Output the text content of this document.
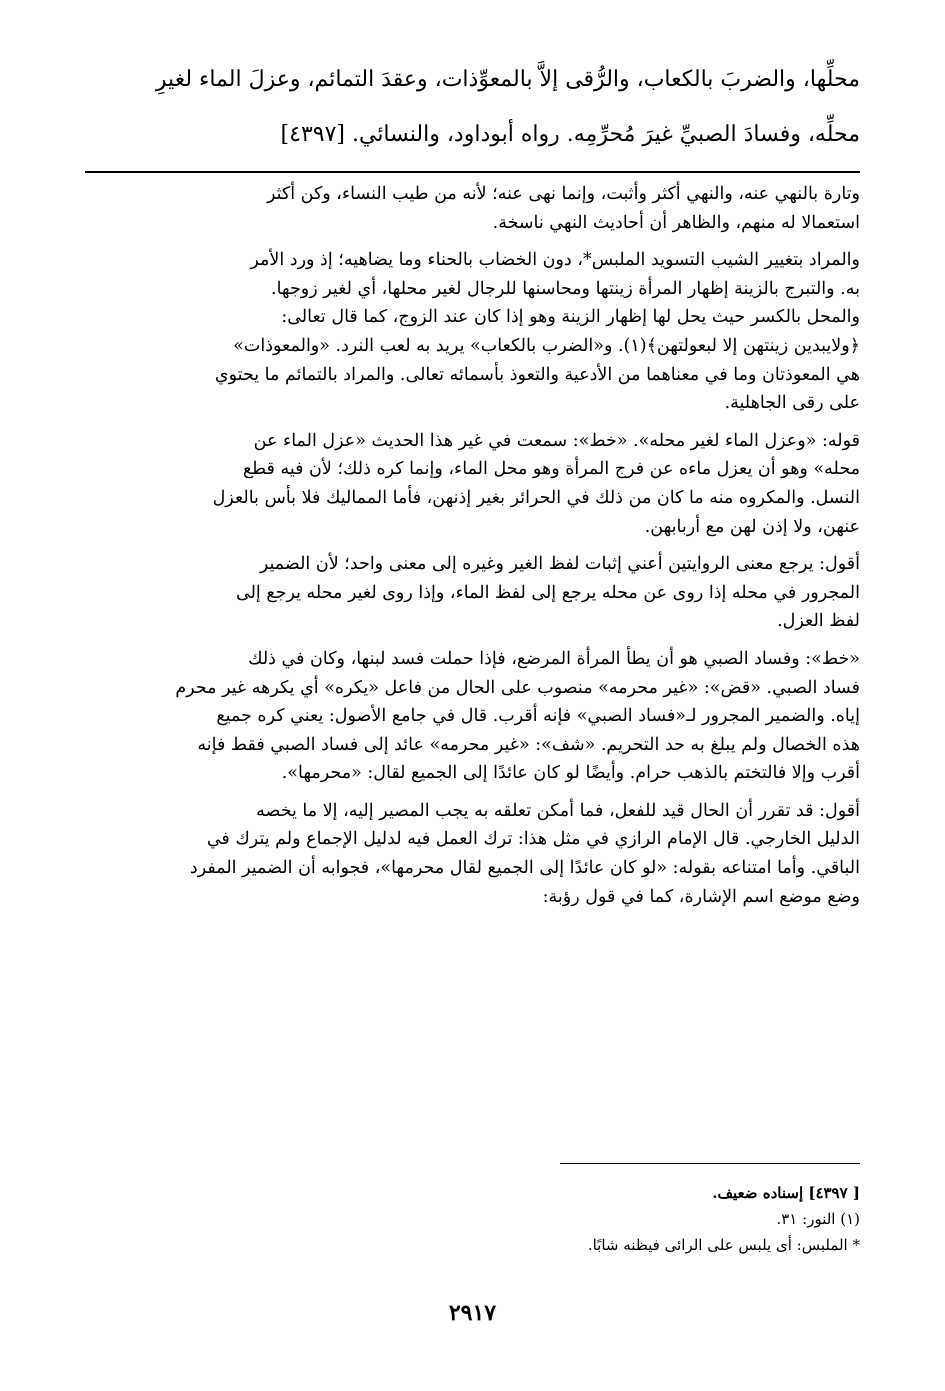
محلِّها، والضربَ بالكعاب، والرُّقى إلاَّ بالمعوِّذات، وعقدَ التمائم، وعزلَ الماء لغيرِ
محلِّه، وفسادَ الصبيِّ غيرَ مُحرِّمِه. رواه أبوداود، والنسائي. [٤٣٩٧]
وتارة بالنهي عنه، والنهي أكثر وأثبت، وإنما نهى عنه؛ لأنه من طيب النساء، وكن أكثر
استعمالا له منهم، والظاهر أن أحاديث النهي ناسخة.
والمراد بتغيير الشيب التسويد الملبس*، دون الخضاب بالحناء وما يضاهيه؛ إذ ورد الأمر
به. والتبرج بالزينة إظهار المرأة زينتها ومحاسنها للرجال لغير محلها، أي لغير زوجها.
والمحل بالكسر حيث يحل لها إظهار الزينة وهو إذا كان عند الزوج، كما قال تعالى:
﴿ولايبدين زينتهن إلا لبعولتهن﴾(١). و«الضرب بالكعاب» يريد به لعب النرد. «والمعوذات»
هي المعوذتان وما في معناهما من الأدعية والتعوذ بأسمائه تعالى. والمراد بالتمائم ما يحتوي
على رقى الجاهلية.
قوله: «وعزل الماء لغير محله». «خط»: سمعت في غير هذا الحديث «عزل الماء عن
محله» وهو أن يعزل ماءه عن فرج المرأة وهو محل الماء، وإنما كره ذلك؛ لأن فيه قطع
النسل. والمكروه منه ما كان من ذلك في الحرائر بغير إذنهن، فأما المماليك فلا بأس بالعزل
عنهن، ولا إذن لهن مع أربابهن.
أقول: يرجع معنى الروايتين أعني إثبات لفظ الغير وغيره إلى معنى واحد؛ لأن الضمير
المجرور في محله إذا روى عن محله يرجع إلى لفظ الماء، وإذا روى لغير محله يرجع إلى
لفظ العزل.
«خط»: وفساد الصبي هو أن يطأ المرأة المرضع، فإذا حملت فسد لبنها، وكان في ذلك
فساد الصبي. «قض»: «غير محرمه» منصوب على الحال من فاعل «يكره» أي يكرهه غير محرم
إياه. والضمير المجرور لـ«فساد الصبي» فإنه أقرب. قال في جامع الأصول: يعني كره جميع
هذه الخصال ولم يبلغ به حد التحريم. «شف»: «غير محرمه» عائد إلى فساد الصبي فقط فإنه
أقرب وإلا فالتختم بالذهب حرام. وأيضًا لو كان عائدًا إلى الجميع لقال: «محرمها».
أقول: قد تقرر أن الحال قيد للفعل، فما أمكن تعلقه به يجب المصير إليه، إلا ما يخصه
الدليل الخارجي. قال الإمام الرازي في مثل هذا: ترك العمل فيه لدليل الإجماع ولم يترك في
الباقي. وأما امتناعه بقوله: «لو كان عائدًا إلى الجميع لقال محرمها»، فجوابه أن الضمير المفرد
وضع موضع اسم الإشارة، كما في قول رؤبة:
[ ٤٣٩٧] إسناده ضعيف.
(١) النور: ٣١.
* الملبس: أى يلبس على الرائى فيظنه شابًا.
٢٩١٧
